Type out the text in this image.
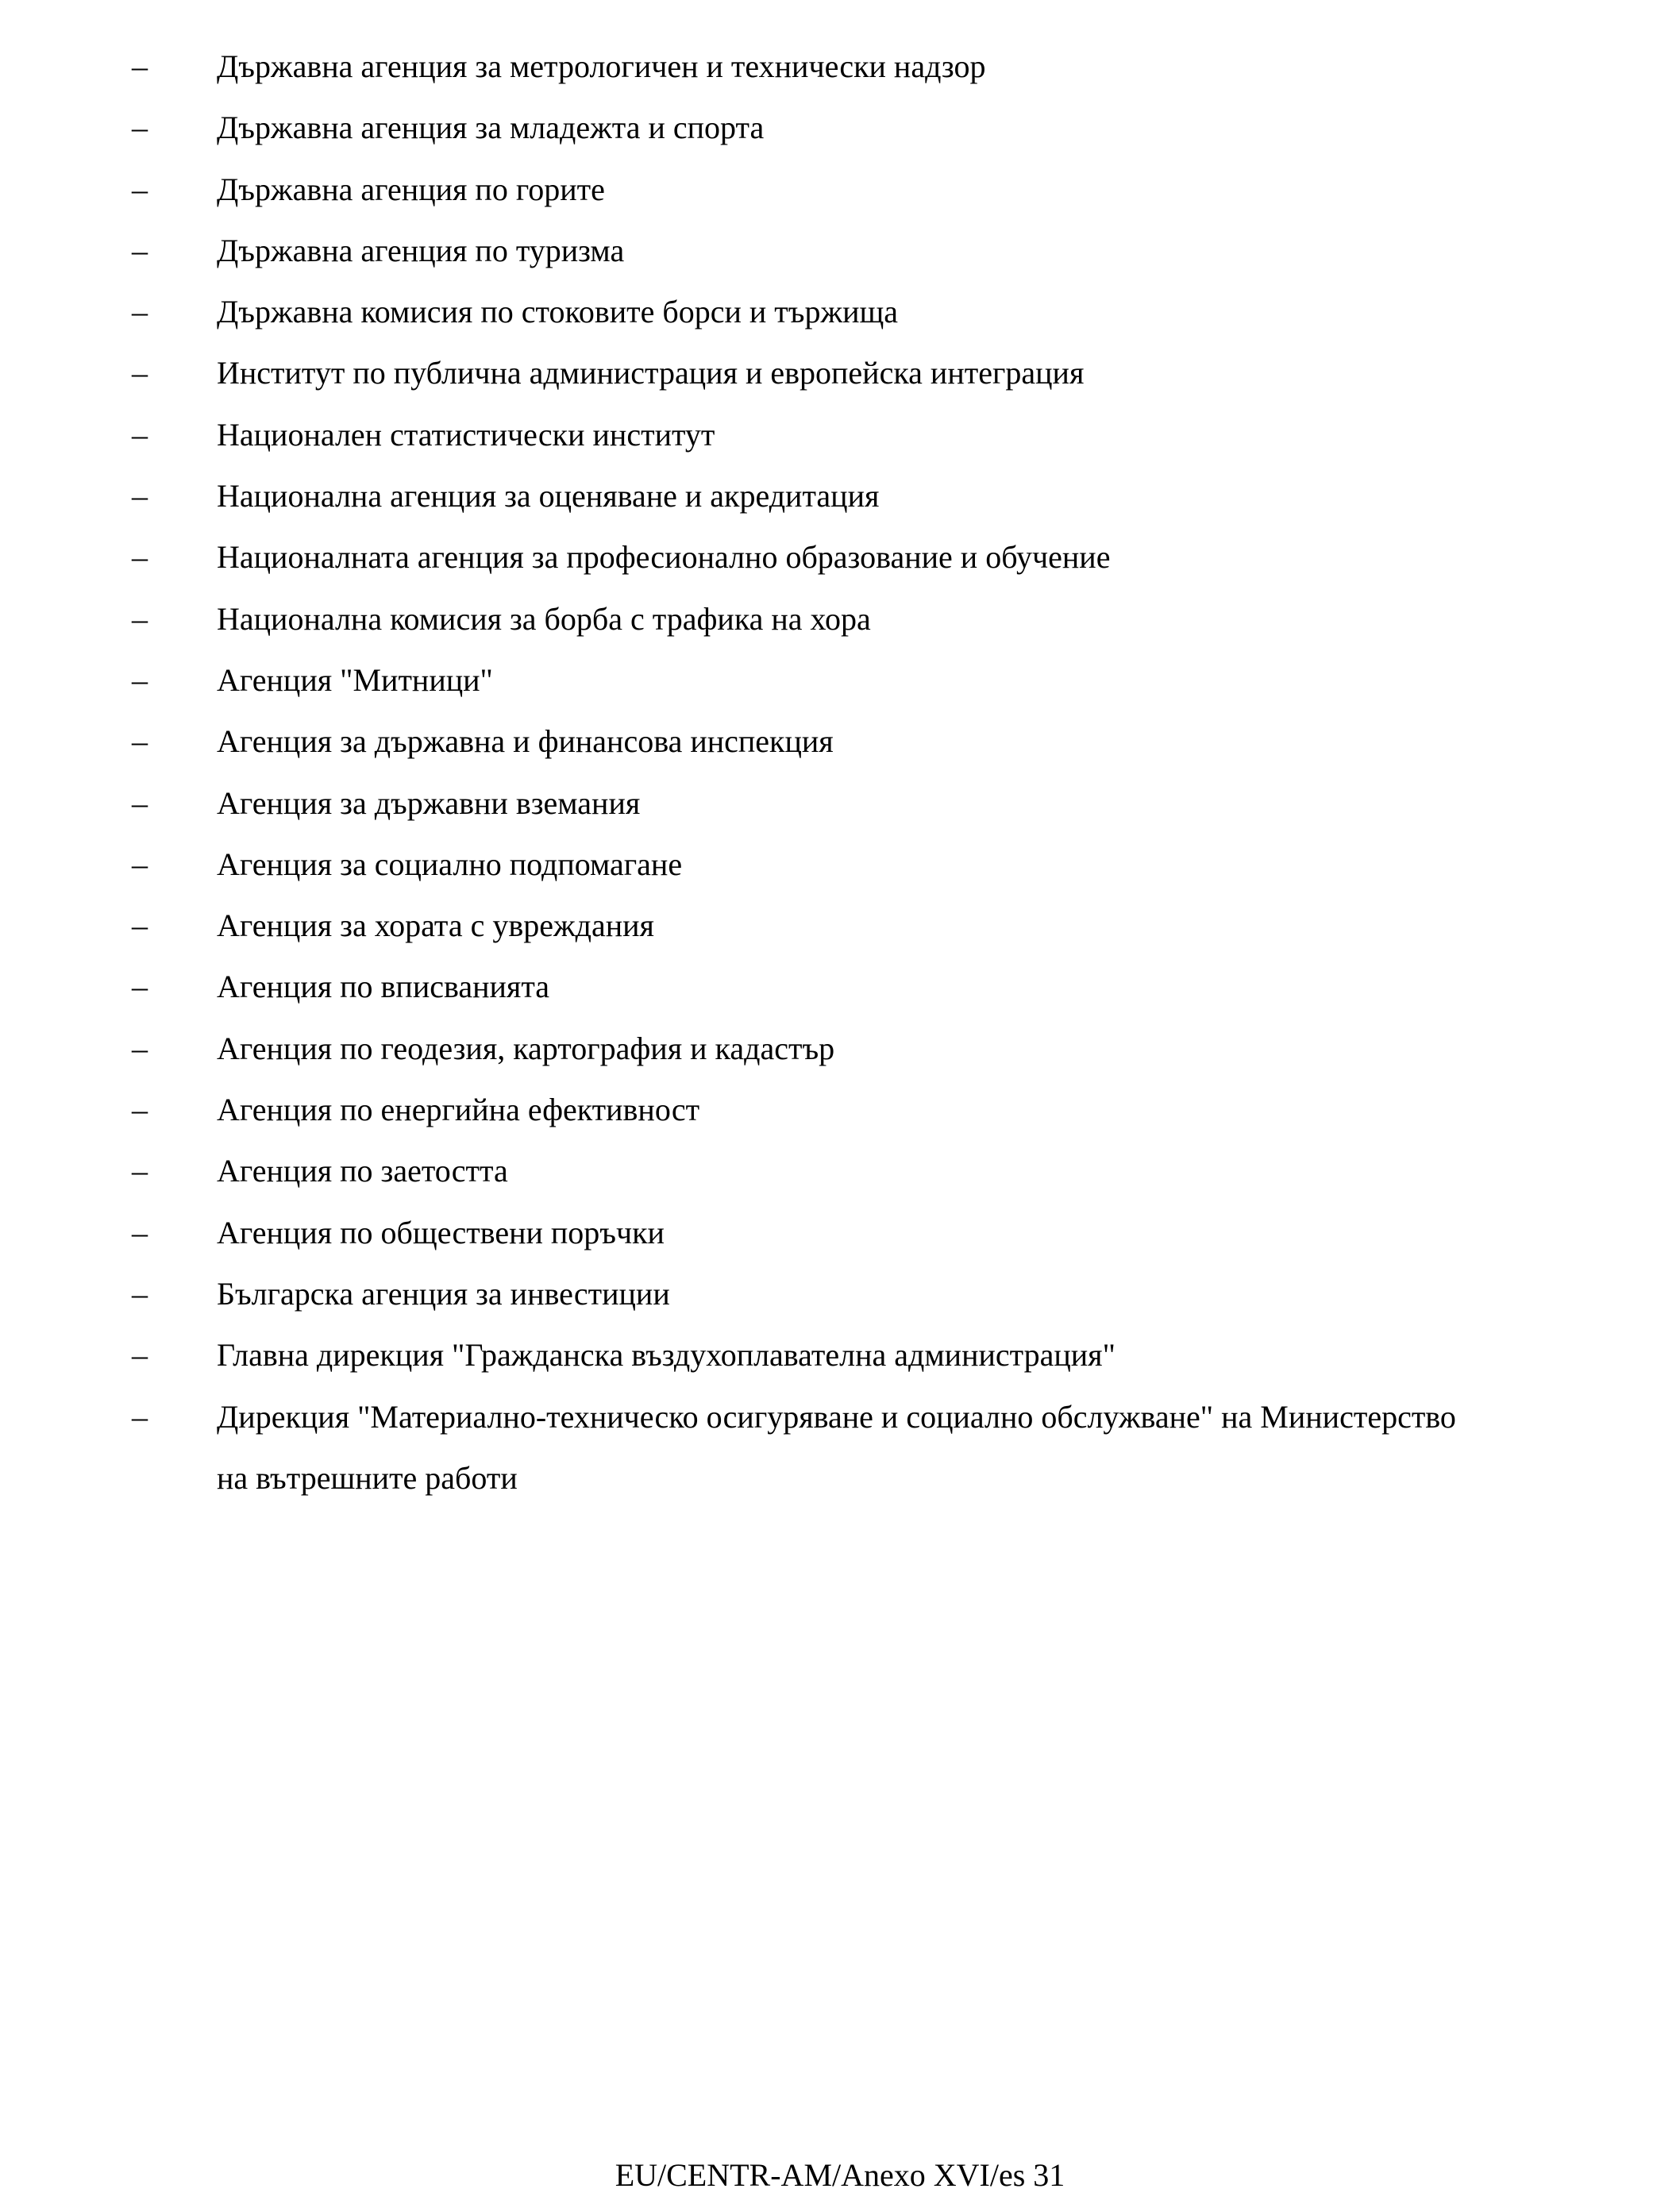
– Държавна агенция за метрологичен и технически надзор
– Държавна агенция за младежта и спорта
– Държавна агенция по горите
– Държавна агенция по туризма
– Държавна комисия по стоковите борси и тържища
– Институт по публична администрация и европейска интеграция
– Национален статистически институт
– Национална агенция за оценяване и акредитация
– Националната агенция за професионално образование и обучение
– Национална комисия за борба с трафика на хора
– Агенция "Митници"
– Агенция за държавна и финансова инспекция
– Агенция за държавни вземания
– Агенция за социално подпомагане
– Агенция за хората с увреждания
– Агенция по вписванията
– Агенция по геодезия, картография и кадастър
– Агенция по енергийна ефективност
– Агенция по заетостта
– Агенция по обществени поръчки
– Българска агенция за инвестиции
– Главна дирекция "Гражданска въздухоплавателна администрация"
– Дирекция "Материално-техническо осигуряване и социално обслужване" на Министерство на вътрешните работи
EU/CENTR-AM/Anexo XVI/es 31
